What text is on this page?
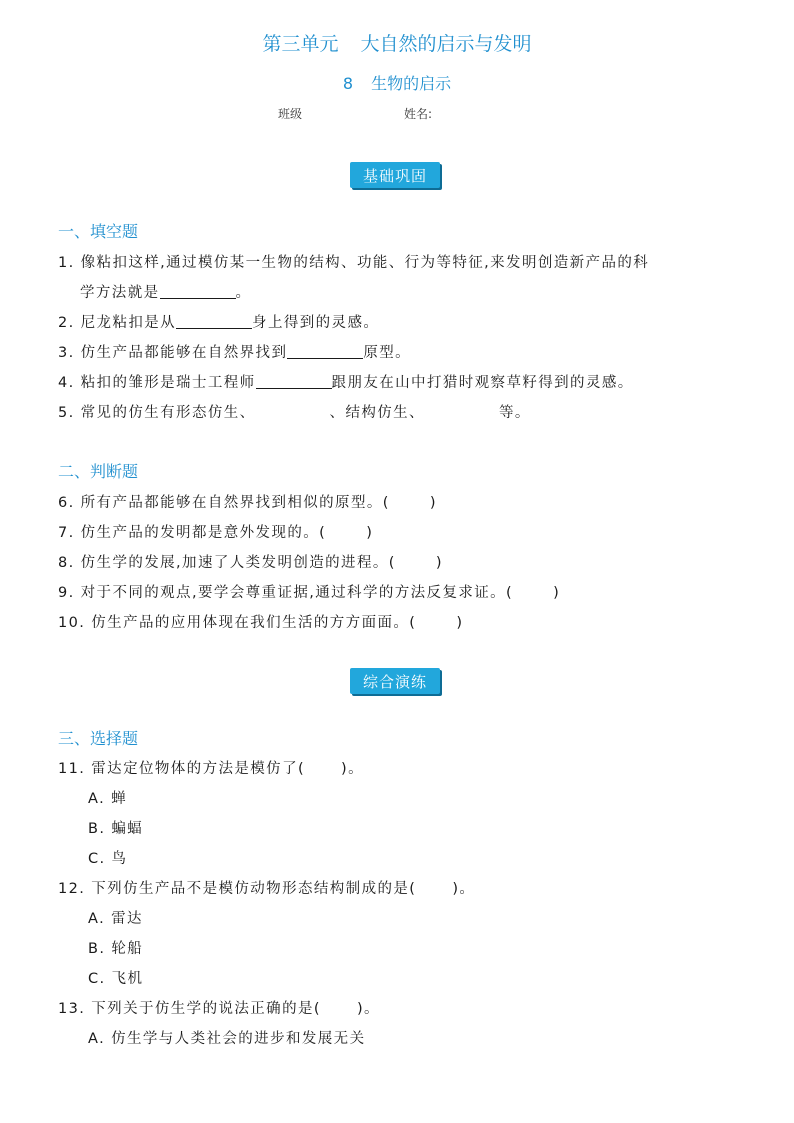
第三单元 大自然的启示与发明
8 生物的启示
班级	姓名:
基础巩固
一、填空题
1. 像粘扣这样,通过模仿某一生物的结构、功能、行为等特征,来发明创造新产品的科
学方法就是	。
2. 尼龙粘扣是从	身上得到的灵感。
3. 仿生产品都能够在自然界找到	原型。
4. 粘扣的雏形是瑞士工程师	跟朋友在山中打猎时观察草籽得到的灵感。
5. 常见的仿生有形态仿生、	、结构仿生、	等。
二、判断题
6. 所有产品都能够在自然界找到相似的原型。(	)
7. 仿生产品的发明都是意外发现的。(	)
8. 仿生学的发展,加速了人类发明创造的进程。(	)
9. 对于不同的观点,要学会尊重证据,通过科学的方法反复求证。(	)
10. 仿生产品的应用体现在我们生活的方方面面。(	)
综合演练
三、选择题
11. 雷达定位物体的方法是模仿了( )。
A. 蝉
B. 蝙蝠
C. 鸟
12. 下列仿生产品不是模仿动物形态结构制成的是( )。
A. 雷达
B. 轮船
C. 飞机
13. 下列关于仿生学的说法正确的是( )。
A. 仿生学与人类社会的进步和发展无关
